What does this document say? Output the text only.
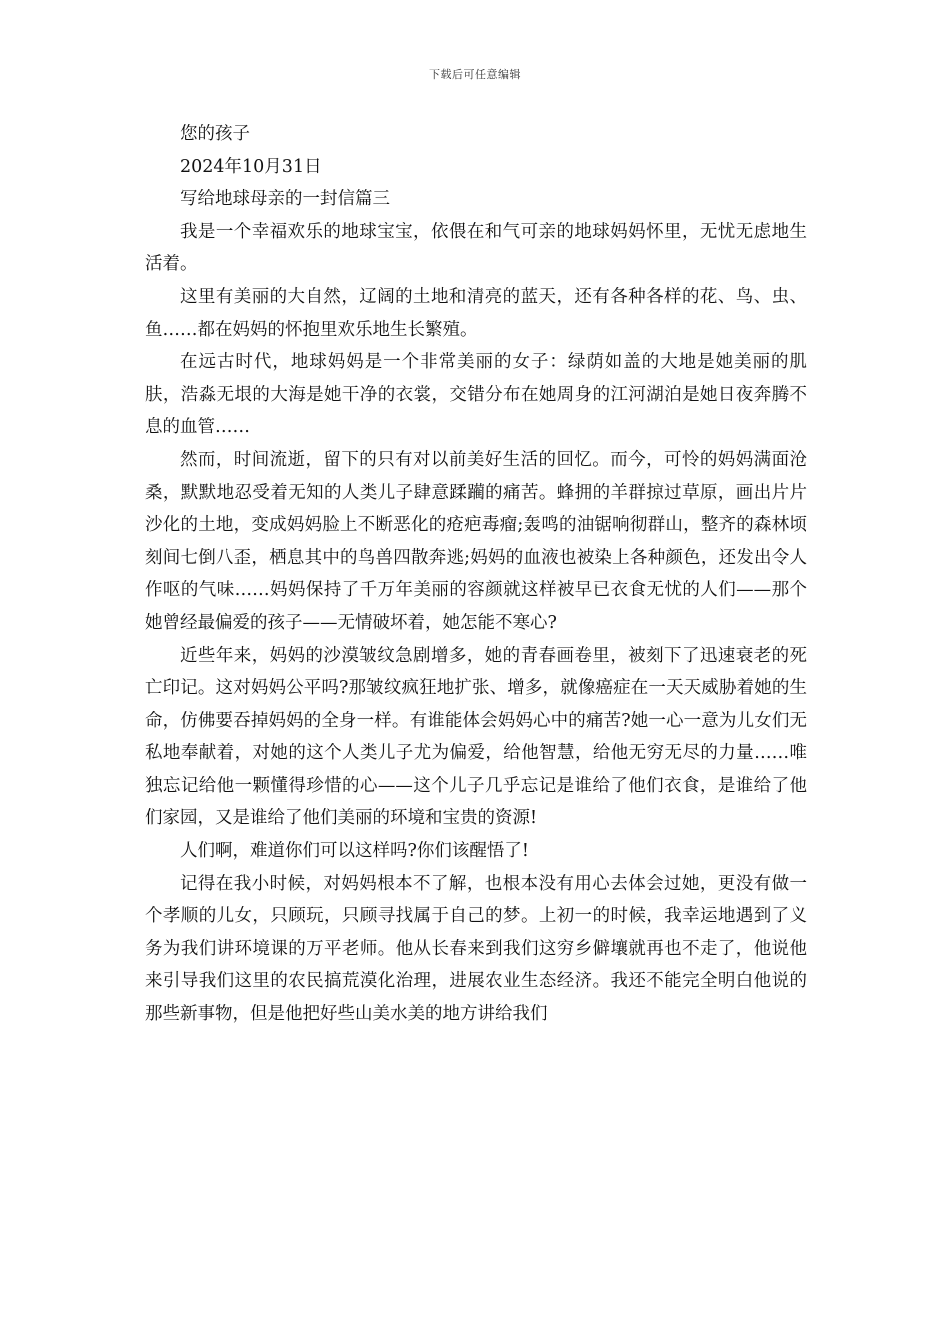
下载后可任意编辑

您的孩子

2024年10月31日

写给地球母亲的一封信篇三

我是一个幸福欢乐的地球宝宝，依偎在和气可亲的地球妈妈怀里，无忧无虑地生活着。

这里有美丽的大自然，辽阔的土地和清亮的蓝天，还有各种各样的花、鸟、虫、鱼……都在妈妈的怀抱里欢乐地生长繁殖。

在远古时代，地球妈妈是一个非常美丽的女子：绿荫如盖的大地是她美丽的肌肤，浩淼无垠的大海是她干净的衣裳，交错分布在她周身的江河湖泊是她日夜奔腾不息的血管……

然而，时间流逝，留下的只有对以前美好生活的回忆。而今，可怜的妈妈满面沧桑，默默地忍受着无知的人类儿子肆意蹂躏的痛苦。蜂拥的羊群掠过草原，画出片片沙化的土地，变成妈妈脸上不断恶化的疮疤毒瘤;轰鸣的油锯响彻群山，整齐的森林顷刻间七倒八歪，栖息其中的鸟兽四散奔逃;妈妈的血液也被染上各种颜色，还发出令人作呕的气味……妈妈保持了千万年美丽的容颜就这样被早已衣食无忧的人们——那个她曾经最偏爱的孩子——无情破坏着，她怎能不寒心?

近些年来，妈妈的沙漠皱纹急剧增多，她的青春画卷里，被刻下了迅速衰老的死亡印记。这对妈妈公平吗?那皱纹疯狂地扩张、增多，就像癌症在一天天威胁着她的生命，仿佛要吞掉妈妈的全身一样。有谁能体会妈妈心中的痛苦?她一心一意为儿女们无私地奉献着，对她的这个人类儿子尤为偏爱，给他智慧，给他无穷无尽的力量……唯独忘记给他一颗懂得珍惜的心——这个儿子几乎忘记是谁给了他们衣食，是谁给了他们家园，又是谁给了他们美丽的环境和宝贵的资源!

人们啊，难道你们可以这样吗?你们该醒悟了!

记得在我小时候，对妈妈根本不了解，也根本没有用心去体会过她，更没有做一个孝顺的儿女，只顾玩，只顾寻找属于自己的梦。上初一的时候，我幸运地遇到了义务为我们讲环境课的万平老师。他从长春来到我们这穷乡僻壤就再也不走了，他说他来引导我们这里的农民搞荒漠化治理，进展农业生态经济。我还不能完全明白他说的那些新事物，但是他把好些山美水美的地方讲给我们
